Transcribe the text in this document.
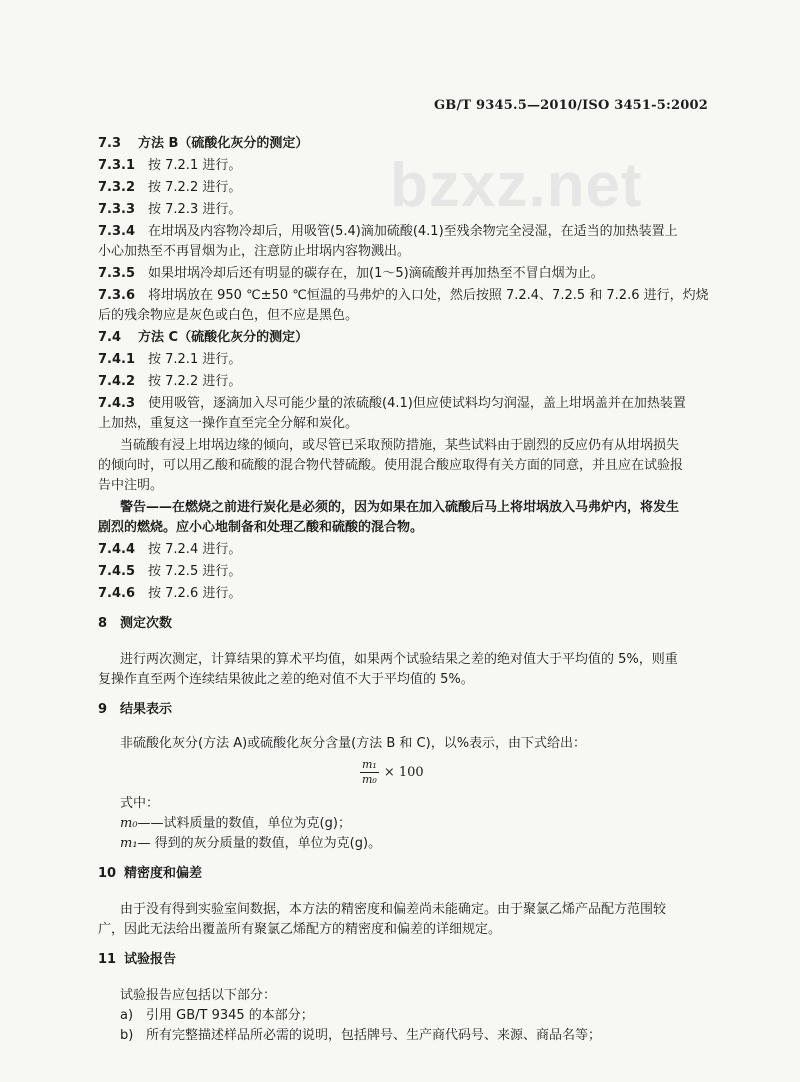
GB/T 9345.5—2010/ISO 3451-5:2002
bzxz.net
7.3 方法 B（硫酸化灰分的测定）
7.3.1 按 7.2.1 进行。
7.3.2 按 7.2.2 进行。
7.3.3 按 7.2.3 进行。
7.3.4 在坩埚及内容物冷却后，用吸管(5.4)滴加硫酸(4.1)至残余物完全浸湿，在适当的加热装置上
小心加热至不再冒烟为止，注意防止坩埚内容物溅出。
7.3.5 如果坩埚冷却后还有明显的碳存在，加(1～5)滴硫酸并再加热至不冒白烟为止。
7.3.6 将坩埚放在 950 ℃±50 ℃恒温的马弗炉的入口处，然后按照 7.2.4、7.2.5 和 7.2.6 进行，灼烧
后的残余物应是灰色或白色，但不应是黑色。
7.4 方法 C（硫酸化灰分的测定）
7.4.1 按 7.2.1 进行。
7.4.2 按 7.2.2 进行。
7.4.3 使用吸管，逐滴加入尽可能少量的浓硫酸(4.1)但应使试料均匀润湿，盖上坩埚盖并在加热装置
上加热，重复这一操作直至完全分解和炭化。
当硫酸有浸上坩埚边缘的倾向，或尽管已采取预防措施，某些试料由于剧烈的反应仍有从坩埚损失
的倾向时，可以用乙酸和硫酸的混合物代替硫酸。使用混合酸应取得有关方面的同意，并且应在试验报
告中注明。
警告——在燃烧之前进行炭化是必须的，因为如果在加入硫酸后马上将坩埚放入马弗炉内，将发生
剧烈的燃烧。应小心地制备和处理乙酸和硫酸的混合物。
7.4.4 按 7.2.4 进行。
7.4.5 按 7.2.5 进行。
7.4.6 按 7.2.6 进行。
8 测定次数
进行两次测定，计算结果的算术平均值，如果两个试验结果之差的绝对值大于平均值的 5%，则重
复操作直至两个连续结果彼此之差的绝对值不大于平均值的 5%。
9 结果表示
非硫酸化灰分(方法 A)或硫酸化灰分含量(方法 B 和 C)，以%表示，由下式给出：
$\frac{\text{m₁}}{\text{m₀}} \times 100$
式中：
m₀——试料质量的数值，单位为克(g)；
m₁— 得到的灰分质量的数值，单位为克(g)。
10 精密度和偏差
由于没有得到实验室间数据，本方法的精密度和偏差尚未能确定。由于聚氯乙烯产品配方范围较
广，因此无法给出覆盖所有聚氯乙烯配方的精密度和偏差的详细规定。
11 试验报告
试验报告应包括以下部分：
a) 引用 GB/T 9345 的本部分；
b) 所有完整描述样品所必需的说明，包括牌号、生产商代码号、来源、商品名等；
